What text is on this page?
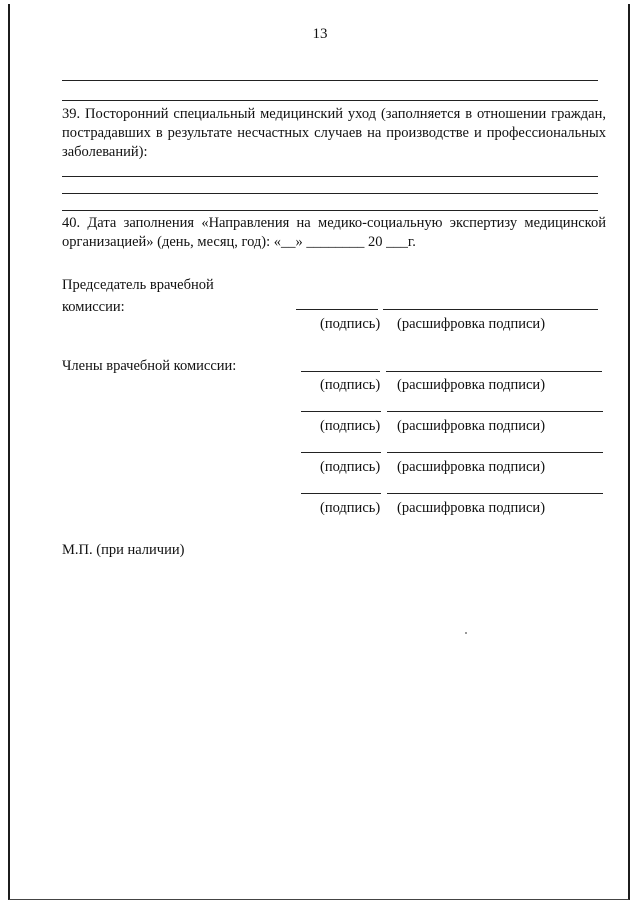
13
39. Посторонний специальный медицинский уход (заполняется в отношении граждан, пострадавших в результате несчастных случаев на производстве и профессиональных заболеваний):
40. Дата заполнения «Направления на медико-социальную экспертизу медицинской организацией» (день, месяц, год): «__» ________ 20 ___г.
Председатель врачебной
комиссии:
(подпись) (расшифровка подписи)
Члены врачебной комиссии:
(подпись) (расшифровка подписи)
(подпись) (расшифровка подписи)
(подпись) (расшифровка подписи)
(подпись) (расшифровка подписи)
М.П. (при наличии)
